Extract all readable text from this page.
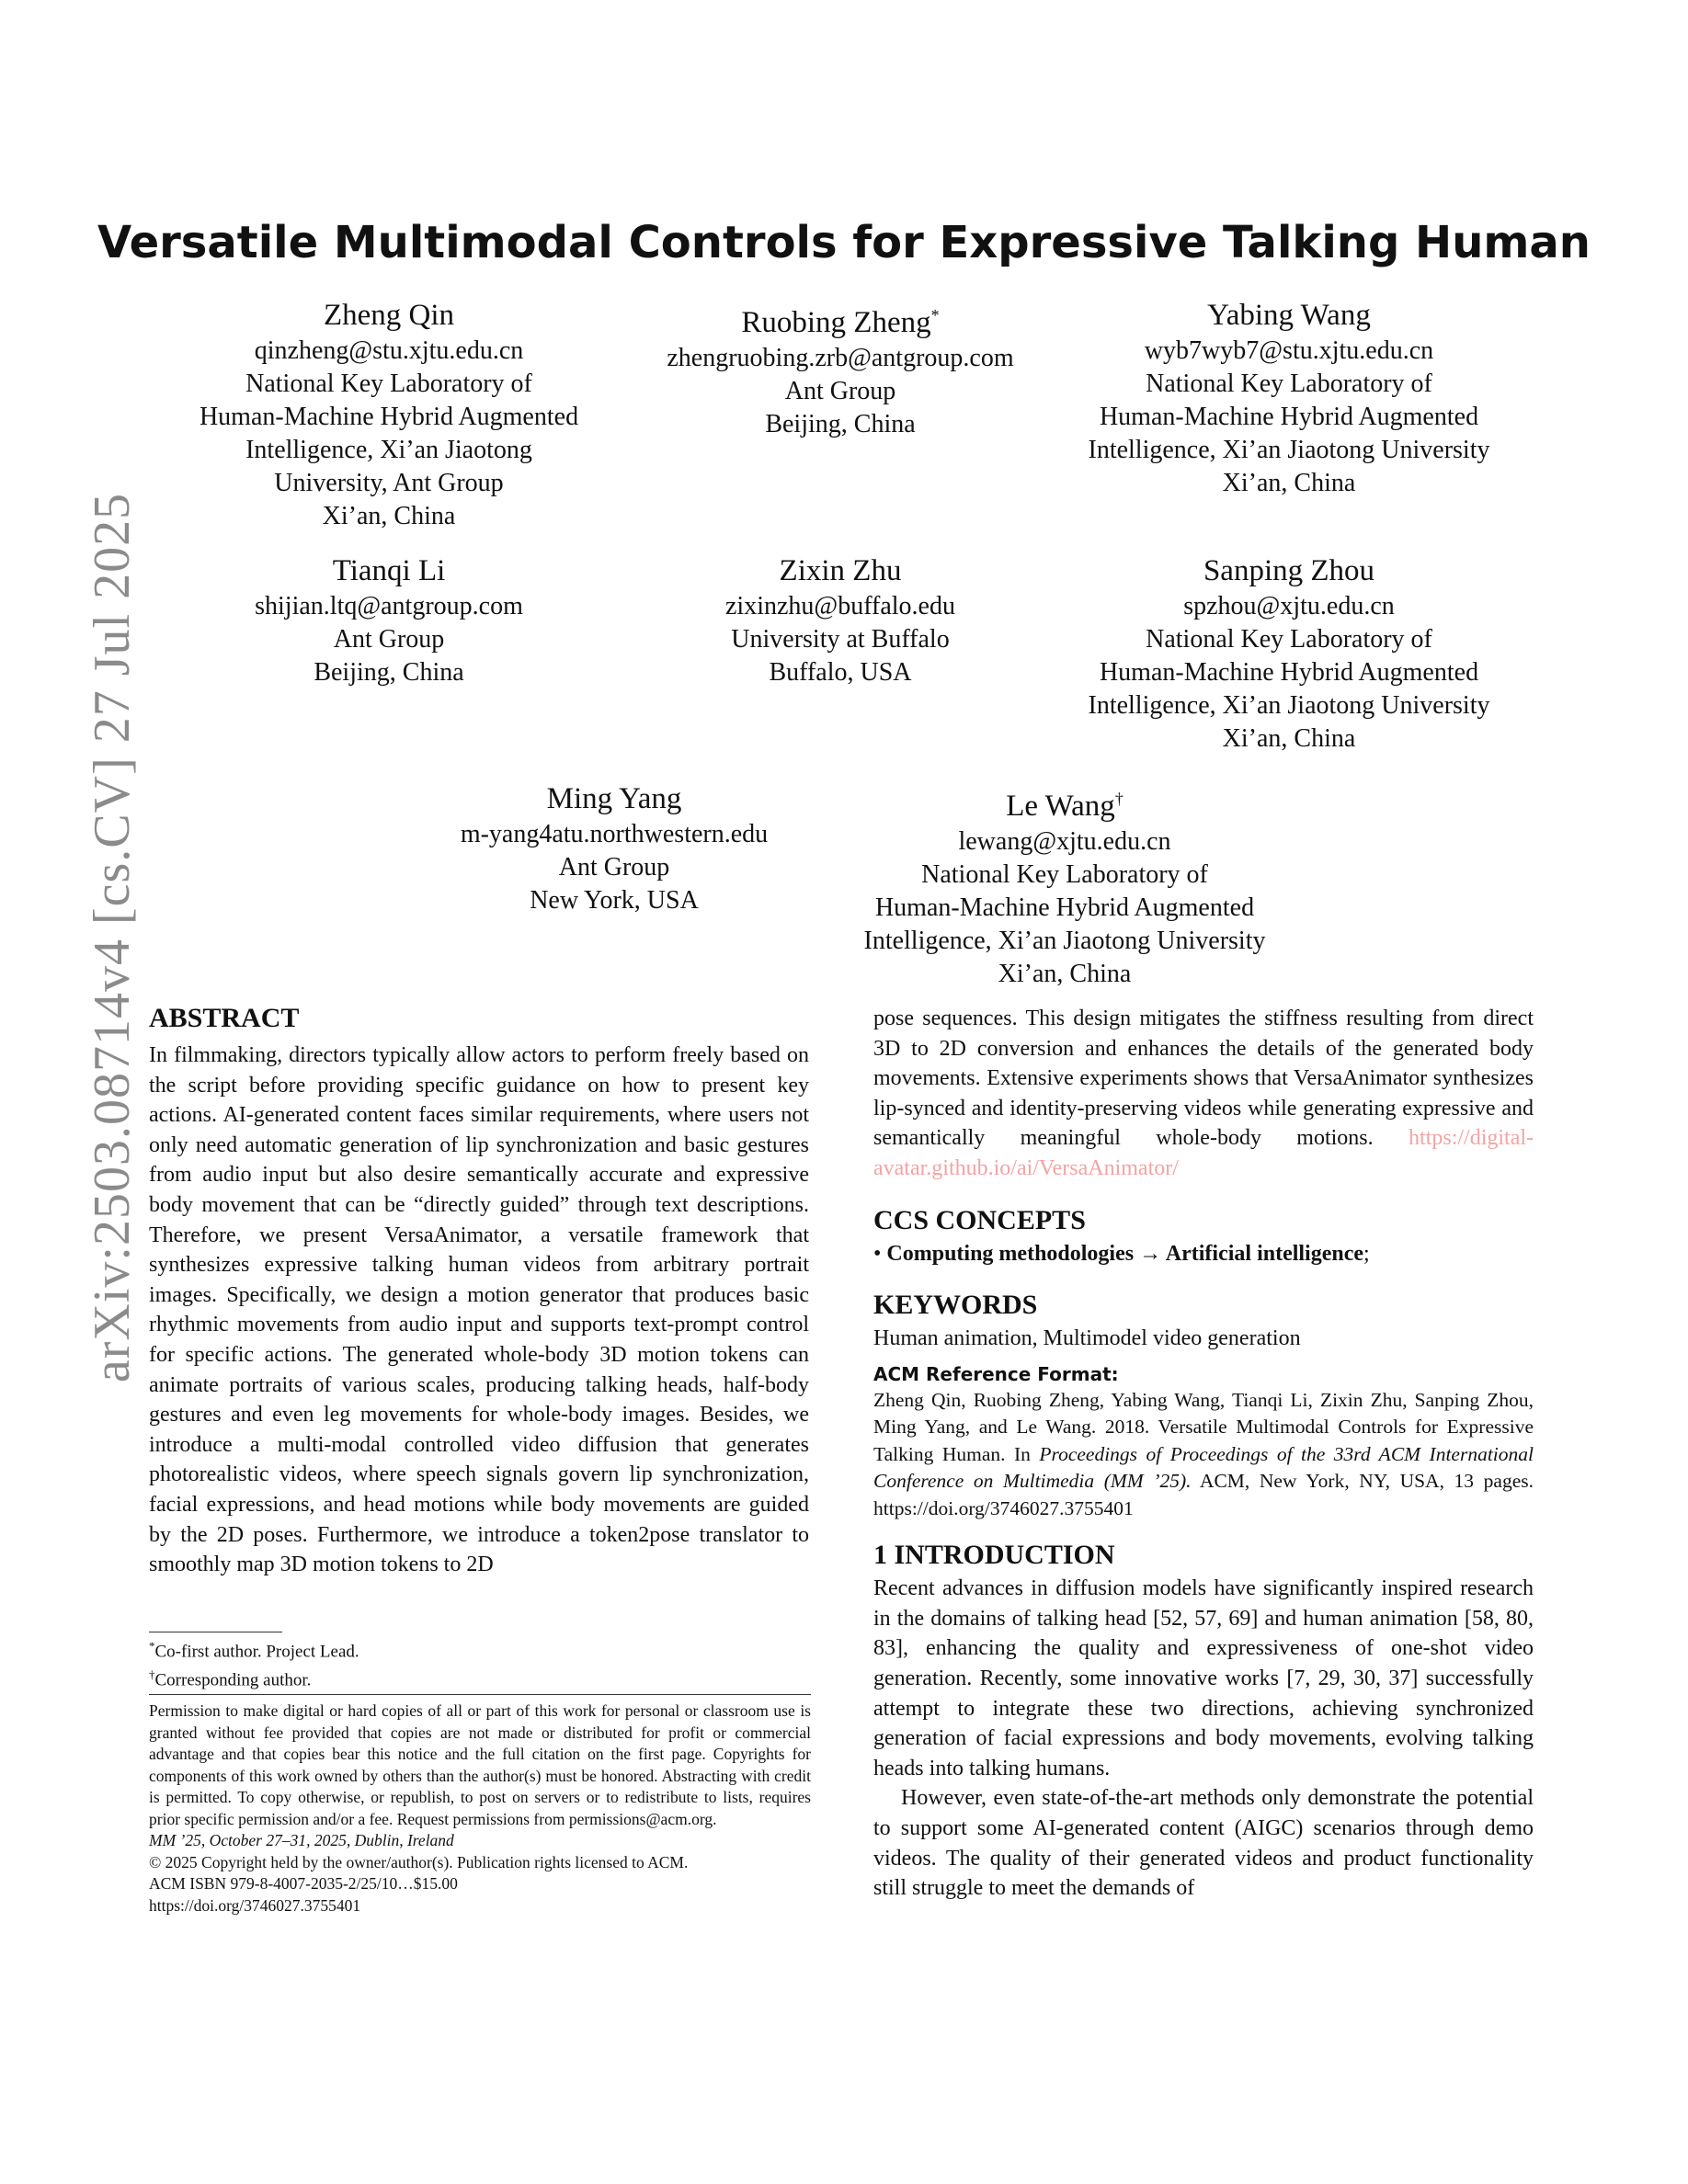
arXiv:2503.08714v4 [cs.CV] 27 Jul 2025
Versatile Multimodal Controls for Expressive Talking Human
Zheng Qin
qinzheng@stu.xjtu.edu.cn
National Key Laboratory of
Human-Machine Hybrid Augmented
Intelligence, Xi’an Jiaotong
University, Ant Group
Xi’an, China
Ruobing Zheng*
zhengruobing.zrb@antgroup.com
Ant Group
Beijing, China
Yabing Wang
wyb7wyb7@stu.xjtu.edu.cn
National Key Laboratory of
Human-Machine Hybrid Augmented
Intelligence, Xi’an Jiaotong University
Xi’an, China
Tianqi Li
shijian.ltq@antgroup.com
Ant Group
Beijing, China
Zixin Zhu
zixinzhu@buffalo.edu
University at Buffalo
Buffalo, USA
Sanping Zhou
spzhou@xjtu.edu.cn
National Key Laboratory of
Human-Machine Hybrid Augmented
Intelligence, Xi’an Jiaotong University
Xi’an, China
Ming Yang
m-yang4atu.northwestern.edu
Ant Group
New York, USA
Le Wang†
lewang@xjtu.edu.cn
National Key Laboratory of
Human-Machine Hybrid Augmented
Intelligence, Xi’an Jiaotong University
Xi’an, China

ABSTRACT

In filmmaking, directors typically allow actors to perform freely based on the script before providing specific guidance on how to present key actions. AI-generated content faces similar requirements, where users not only need automatic generation of lip synchronization and basic gestures from audio input but also desire semantically accurate and expressive body movement that can be “directly guided” through text descriptions. Therefore, we present VersaAnimator, a versatile framework that synthesizes expressive talking human videos from arbitrary portrait images. Specifically, we design a motion generator that produces basic rhythmic movements from audio input and supports text-prompt control for specific actions. The generated whole-body 3D motion tokens can animate portraits of various scales, producing talking heads, half-body gestures and even leg movements for whole-body images. Besides, we introduce a multi-modal controlled video diffusion that generates photorealistic videos, where speech signals govern lip synchronization, facial expressions, and head motions while body movements are guided by the 2D poses. Furthermore, we introduce a token2pose translator to smoothly map 3D motion tokens to 2D

*Co-first author. Project Lead.
†Corresponding author.

Permission to make digital or hard copies of all or part of this work for personal or classroom use is granted without fee provided that copies are not made or distributed for profit or commercial advantage and that copies bear this notice and the full citation on the first page. Copyrights for components of this work owned by others than the author(s) must be honored. Abstracting with credit is permitted. To copy otherwise, or republish, to post on servers or to redistribute to lists, requires prior specific permission and/or a fee. Request permissions from permissions@acm.org.

MM ’25, October 27–31, 2025, Dublin, Ireland

© 2025 Copyright held by the owner/author(s). Publication rights licensed to ACM.

ACM ISBN 979-8-4007-2035-2/25/10…$15.00

https://doi.org/3746027.3755401

pose sequences. This design mitigates the stiffness resulting from direct 3D to 2D conversion and enhances the details of the generated body movements. Extensive experiments shows that VersaAnimator synthesizes lip-synced and identity-preserving videos while generating expressive and semantically meaningful whole-body motions. https://digital-avatar.github.io/ai/VersaAnimator/

CCS CONCEPTS

• Computing methodologies → Artificial intelligence;

KEYWORDS

Human animation, Multimodel video generation

ACM Reference Format:

Zheng Qin, Ruobing Zheng, Yabing Wang, Tianqi Li, Zixin Zhu, Sanping Zhou, Ming Yang, and Le Wang. 2018. Versatile Multimodal Controls for Expressive Talking Human. In Proceedings of Proceedings of the 33rd ACM International Conference on Multimedia (MM ’25). ACM, New York, NY, USA, 13 pages. https://doi.org/3746027.3755401

1 INTRODUCTION

Recent advances in diffusion models have significantly inspired research in the domains of talking head [52, 57, 69] and human animation [58, 80, 83], enhancing the quality and expressiveness of one-shot video generation. Recently, some innovative works [7, 29, 30, 37] successfully attempt to integrate these two directions, achieving synchronized generation of facial expressions and body movements, evolving talking heads into talking humans.

However, even state-of-the-art methods only demonstrate the potential to support some AI-generated content (AIGC) scenarios through demo videos. The quality of their generated videos and product functionality still struggle to meet the demands of
